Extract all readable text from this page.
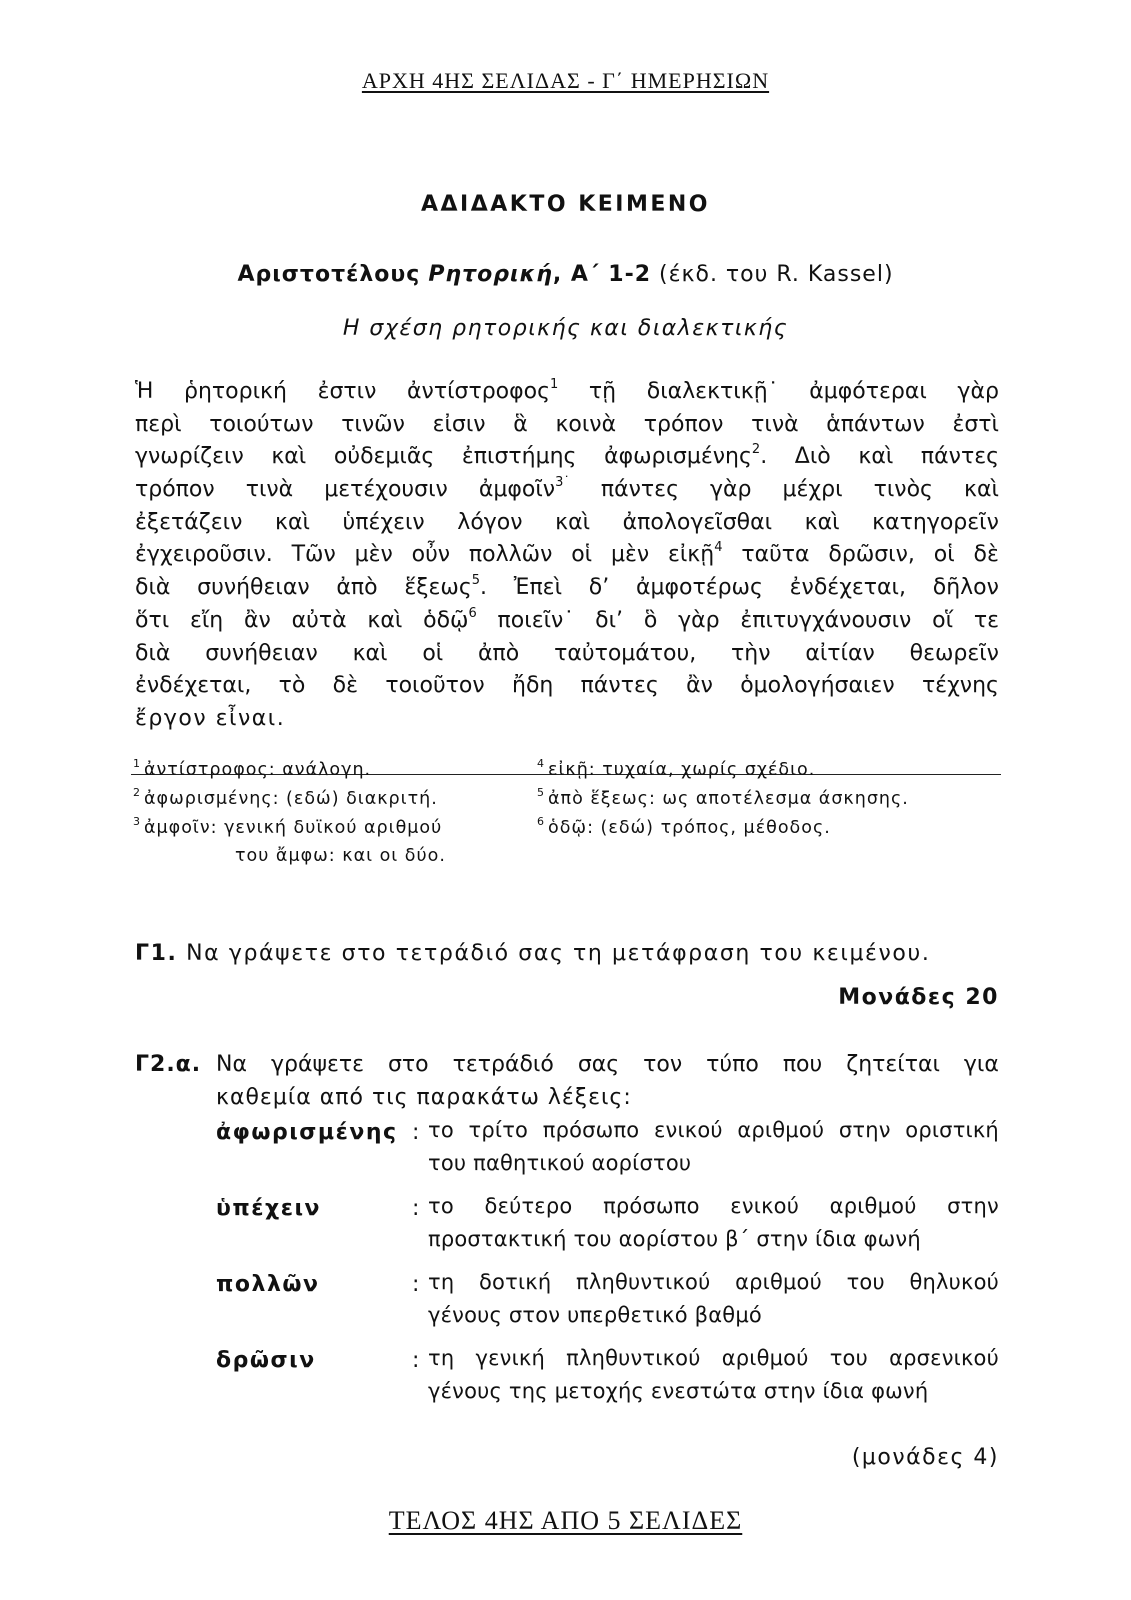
ΑΡΧΗ 4ΗΣ ΣΕΛΙΔΑΣ - Γ΄ ΗΜΕΡΗΣΙΩΝ
ΑΔΙΔΑΚΤΟ ΚΕΙΜΕΝΟ
Αριστοτέλους Ρητορική, Α΄ 1-2 (έκδ. του R. Kassel)
Η σχέση ρητορικής και διαλεκτικής
Ἡ ῥητορική ἐστιν ἀντίστροφος$^1$ τῇ διαλεκτικῇ˙ ἀμφότεραι γὰρ
περὶ τοιούτων τινῶν εἰσιν ἃ κοινὰ τρόπον τινὰ ἁπάντων ἐστὶ
γνωρίζειν καὶ οὐδεμιᾶς ἐπιστήμης ἀφωρισμένης$^2$. Διὸ καὶ πάντες
τρόπον τινὰ μετέχουσιν ἀμφοῖν$^{3˙}$ πάντες γὰρ μέχρι τινὸς καὶ
ἐξετάζειν καὶ ὑπέχειν λόγον καὶ ἀπολογεῖσθαι καὶ κατηγορεῖν
ἐγχειροῦσιν. Τῶν μὲν οὖν πολλῶν οἱ μὲν εἰκῇ$^4$ ταῦτα δρῶσιν, οἱ δὲ
διὰ συνήθειαν ἀπὸ ἕξεως$^5$. Ἐπεὶ δ’ ἀμφοτέρως ἐνδέχεται, δῆλον
ὅτι εἴη ἂν αὐτὰ καὶ ὁδῷ$^6$ ποιεῖν˙ δι’ ὃ γὰρ ἐπιτυγχάνουσιν οἵ τε
διὰ συνήθειαν καὶ οἱ ἀπὸ ταὐτομάτου, τὴν αἰτίαν θεωρεῖν
ἐνδέχεται, τὸ δὲ τοιοῦτον ἤδη πάντες ἂν ὁμολογήσαιεν τέχνης
ἔργον εἶναι.
$^1$ ἀντίστροφος: ανάλογη.
$^2$ ἀφωρισμένης: (εδώ) διακριτή.
$^3$ ἀμφοῖν: γενική δυϊκού αριθμού
του ἄμφω: και οι δύο.
$^4$ εἰκῇ: τυχαία, χωρίς σχέδιο.
$^5$ ἀπὸ ἕξεως: ως αποτέλεσμα άσκησης.
$^6$ ὁδῷ: (εδώ) τρόπος, μέθοδος.
Γ1. Να γράψετε στο τετράδιό σας τη μετάφραση του κειμένου.
Μονάδες 20
Γ2.α. Να γράψετε στο τετράδιό σας τον τύπο που ζητείται για
καθεμία από τις παρακάτω λέξεις:
ἀφωρισμένης : το τρίτο πρόσωπο ενικού αριθμού στην οριστική
του παθητικού αορίστου
ὑπέχειν	: το δεύτερο πρόσωπο ενικού αριθμού στην
προστακτική του αορίστου β΄ στην ίδια φωνή
πολλῶν	: τη δοτική πληθυντικού αριθμού του θηλυκού
γένους στον υπερθετικό βαθμό
δρῶσιν	: τη γενική πληθυντικού αριθμού του αρσενικού
γένους της μετοχής ενεστώτα στην ίδια φωνή
(μονάδες 4)
ΤΕΛΟΣ 4ΗΣ ΑΠΟ 5 ΣΕΛΙΔΕΣ
